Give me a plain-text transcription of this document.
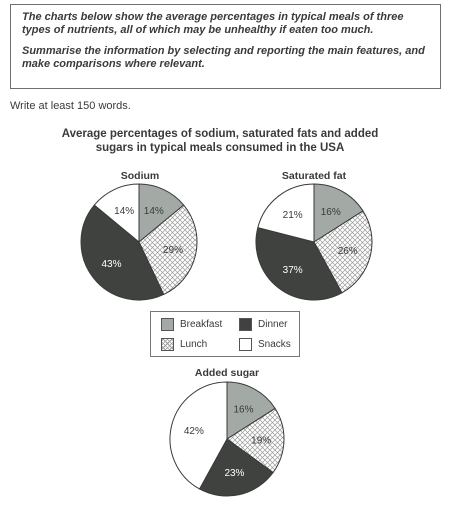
The charts below show the average percentages in typical meals of three types of nutrients, all of which may be unhealthy if eaten too much.

Summarise the information by selecting and reporting the main features, and make comparisons where relevant.

Write at least 150 words.

Average percentages of sodium, saturated fats and added sugars in typical meals consumed in the USA

Sodium	Saturated fat
Added sugar
14%
29%
43%
14%	16%
26%
37%
21%
16%
19%
23%
42%
Breakfast	Dinner
Lunch	Snacks
